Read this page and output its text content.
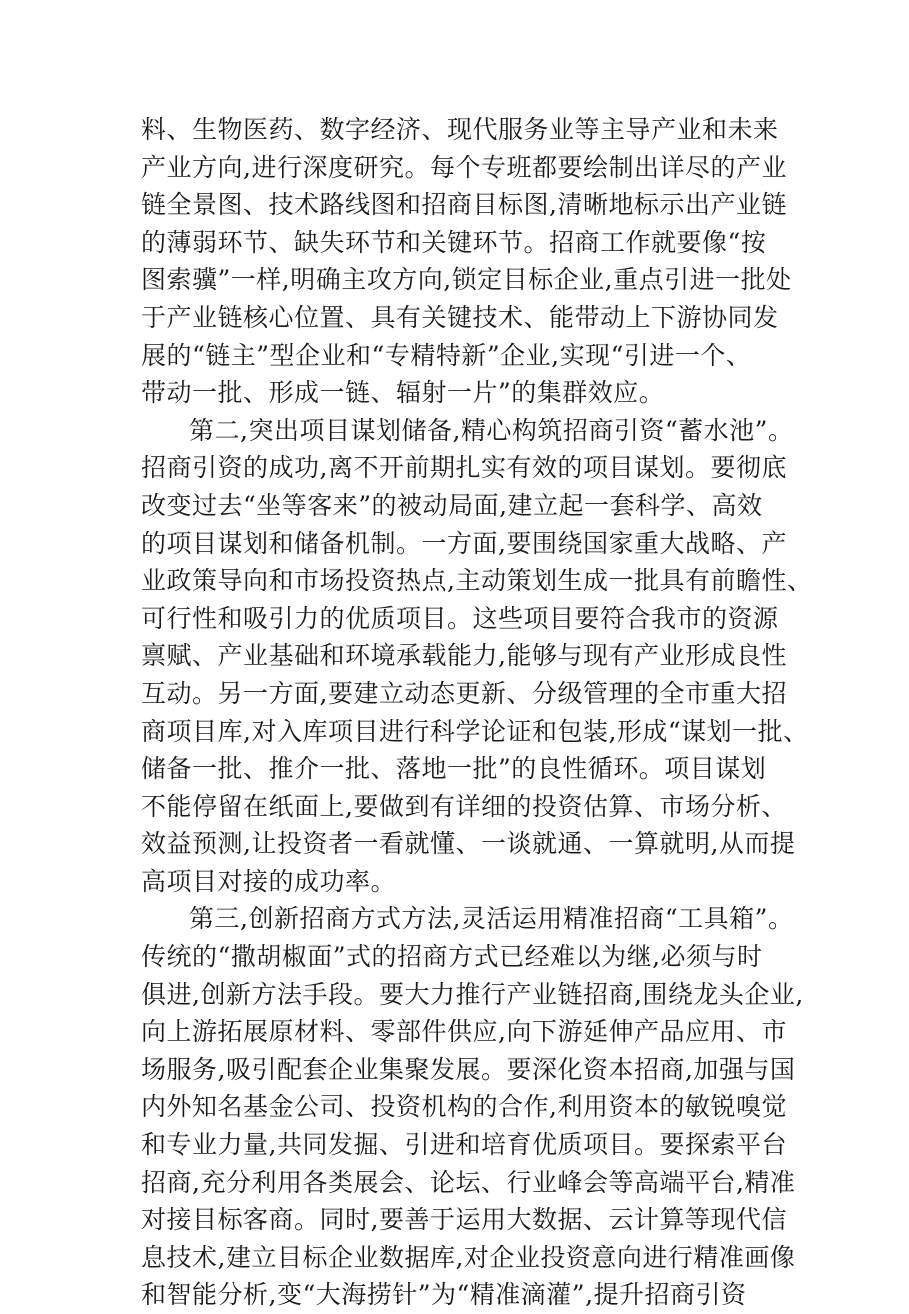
料、生物医药、数字经济、现代服务业等主导产业和未来
产业方向,进行深度研究。每个专班都要绘制出详尽的产业
链全景图、技术路线图和招商目标图,清晰地标示出产业链
的薄弱环节、缺失环节和关键环节。招商工作就要像“按
图索骥”一样,明确主攻方向,锁定目标企业,重点引进一批处
于产业链核心位置、具有关键技术、能带动上下游协同发
展的“链主”型企业和“专精特新”企业,实现“引进一个、
带动一批、形成一链、辐射一片”的集群效应。
第二,突出项目谋划储备,精心构筑招商引资“蓄水池”。
招商引资的成功,离不开前期扎实有效的项目谋划。要彻底
改变过去“坐等客来”的被动局面,建立起一套科学、高效
的项目谋划和储备机制。一方面,要围绕国家重大战略、产
业政策导向和市场投资热点,主动策划生成一批具有前瞻性、
可行性和吸引力的优质项目。这些项目要符合我市的资源
禀赋、产业基础和环境承载能力,能够与现有产业形成良性
互动。另一方面,要建立动态更新、分级管理的全市重大招
商项目库,对入库项目进行科学论证和包装,形成“谋划一批、
储备一批、推介一批、落地一批”的良性循环。项目谋划
不能停留在纸面上,要做到有详细的投资估算、市场分析、
效益预测,让投资者一看就懂、一谈就通、一算就明,从而提
高项目对接的成功率。
第三,创新招商方式方法,灵活运用精准招商“工具箱”。
传统的“撒胡椒面”式的招商方式已经难以为继,必须与时
俱进,创新方法手段。要大力推行产业链招商,围绕龙头企业,
向上游拓展原材料、零部件供应,向下游延伸产品应用、市
场服务,吸引配套企业集聚发展。要深化资本招商,加强与国
内外知名基金公司、投资机构的合作,利用资本的敏锐嗅觉
和专业力量,共同发掘、引进和培育优质项目。要探索平台
招商,充分利用各类展会、论坛、行业峰会等高端平台,精准
对接目标客商。同时,要善于运用大数据、云计算等现代信
息技术,建立目标企业数据库,对企业投资意向进行精准画像
和智能分析,变“大海捞针”为“精准滴灌”,提升招商引资
